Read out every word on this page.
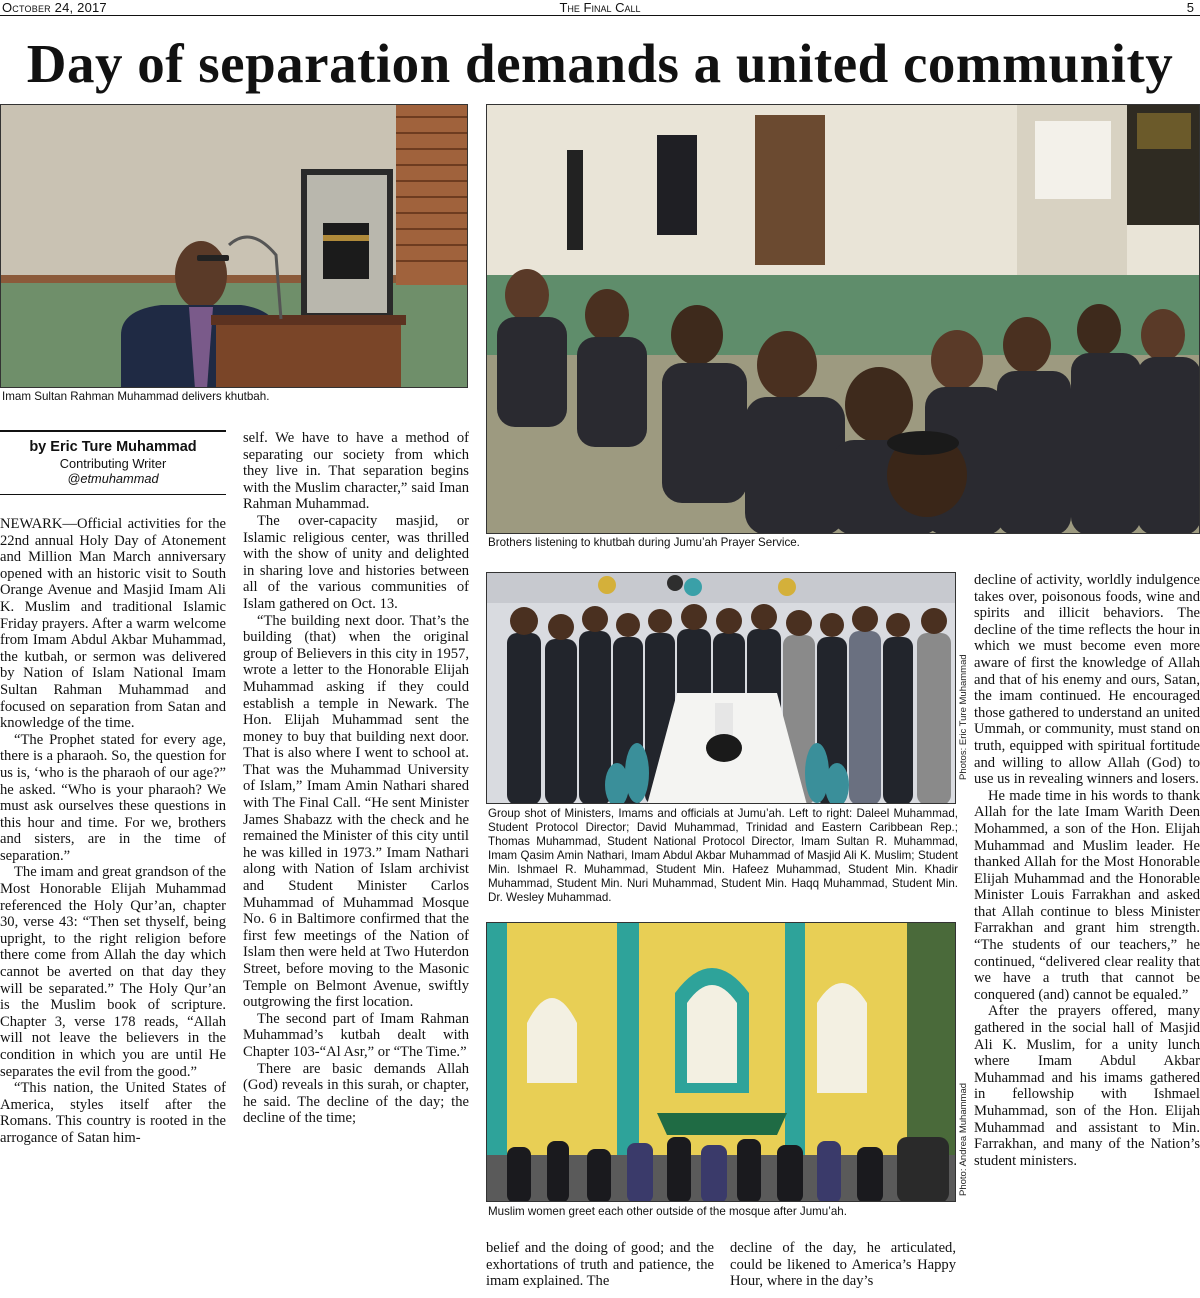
October 24, 2017	The Final Call	5
Day of separation demands a united community
Imam Sultan Rahman Muhammad delivers khutbah.
Brothers listening to khutbah during Jumu’ah Prayer Service.
by Eric Ture Muhammad
Contributing Writer
@etmuhammad

NEWARK—Official activities for the 22nd annual Holy Day of Atonement and Million Man March anniversary opened with an historic visit to South Orange Avenue and Masjid Imam Ali K. Muslim and traditional Islamic Friday prayers. After a warm welcome from Imam Abdul Akbar Muhammad, the kutbah, or sermon was delivered by Nation of Islam National Imam Sultan Rahman Muhammad and focused on separation from Satan and knowledge of the time.

“The Prophet stated for every age, there is a pharaoh. So, the question for us is, ‘who is the pharaoh of our age?” he asked. “Who is your pharaoh? We must ask ourselves these questions in this hour and time. For we, brothers and sisters, are in the time of separation.”

The imam and great grandson of the Most Honorable Elijah Muhammad referenced the Holy Qur’an, chapter 30, verse 43: “Then set thyself, being upright, to the right religion before there come from Allah the day which cannot be averted on that day they will be separated.” The Holy Qur’an is the Muslim book of scripture. Chapter 3, verse 178 reads, “Allah will not leave the believers in the condition in which you are until He separates the evil from the good.”

“This nation, the United States of America, styles itself after the Romans. This country is rooted in the arrogance of Satan him-

self. We have to have a method of separating our society from which they live in. That separation begins with the Muslim character,” said Iman Rahman Muhammad.

The over-capacity masjid, or Islamic religious center, was thrilled with the show of unity and delighted in sharing love and histories between all of the various communities of Islam gathered on Oct. 13.

“The building next door. That’s the building (that) when the original group of Believers in this city in 1957, wrote a letter to the Honorable Elijah Muhammad asking if they could establish a temple in Newark. The Hon. Elijah Muhammad sent the money to buy that building next door. That is also where I went to school at. That was the Muhammad University of Islam,” Imam Amin Nathari shared with The Final Call. “He sent Minister James Shabazz with the check and he remained the Minister of this city until he was killed in 1973.” Imam Nathari along with Nation of Islam archivist and Student Minister Carlos Muhammad of Muhammad Mosque No. 6 in Baltimore confirmed that the first few meetings of the Nation of Islam then were held at Two Huterdon Street, before moving to the Masonic Temple on Belmont Avenue, swiftly outgrowing the first location.

The second part of Imam Rahman Muhammad’s kutbah dealt with Chapter 103-“Al Asr,” or “The Time.”

There are basic demands Allah (God) reveals in this surah, or chapter, he said. The decline of the day; the decline of the time;

Photos: Eric Ture Muhammad
Group shot of Ministers, Imams and officials at Jumu’ah. Left to right: Daleel Muhammad, Student Protocol Director; David Muhammad, Trinidad and Eastern Caribbean Rep.; Thomas Muhammad, Student National Protocol Director, Imam Sultan R. Muhammad, Imam Qasim Amin Nathari, Imam Abdul Akbar Muhammad of Masjid Ali K. Muslim; Student Min. Ishmael R. Muhammad, Student Min. Hafeez Muhammad, Student Min. Khadir Muhammad, Student Min. Nuri Muhammad, Student Min. Haqq Muhammad, Student Min. Dr. Wesley Muhammad.
Photo: Andrea Muhammad
Muslim women greet each other outside of the mosque after Jumu’ah.

belief and the doing of good; and the exhortations of truth and patience, the imam explained. The

decline of the day, he articulated, could be likened to America’s Happy Hour, where in the day’s

decline of activity, worldly indulgence takes over, poisonous foods, wine and spirits and illicit behaviors. The decline of the time reflects the hour in which we must become even more aware of first the knowledge of Allah and that of his enemy and ours, Satan, the imam continued. He encouraged those gathered to understand an united Ummah, or community, must stand on truth, equipped with spiritual fortitude and willing to allow Allah (God) to use us in revealing winners and losers.

He made time in his words to thank Allah for the late Imam Warith Deen Mohammed, a son of the Hon. Elijah Muhammad and Muslim leader. He thanked Allah for the Most Honorable Elijah Muhammad and the Honorable Minister Louis Farrakhan and asked that Allah continue to bless Minister Farrakhan and grant him strength. “The students of our teachers,” he continued, “delivered clear reality that we have a truth that cannot be conquered (and) cannot be equaled.”

After the prayers offered, many gathered in the social hall of Masjid Ali K. Muslim, for a unity lunch where Imam Abdul Akbar Muhammad and his imams gathered in fellowship with Ishmael Muhammad, son of the Hon. Elijah Muhammad and assistant to Min. Farrakhan, and many of the Nation’s student ministers.
